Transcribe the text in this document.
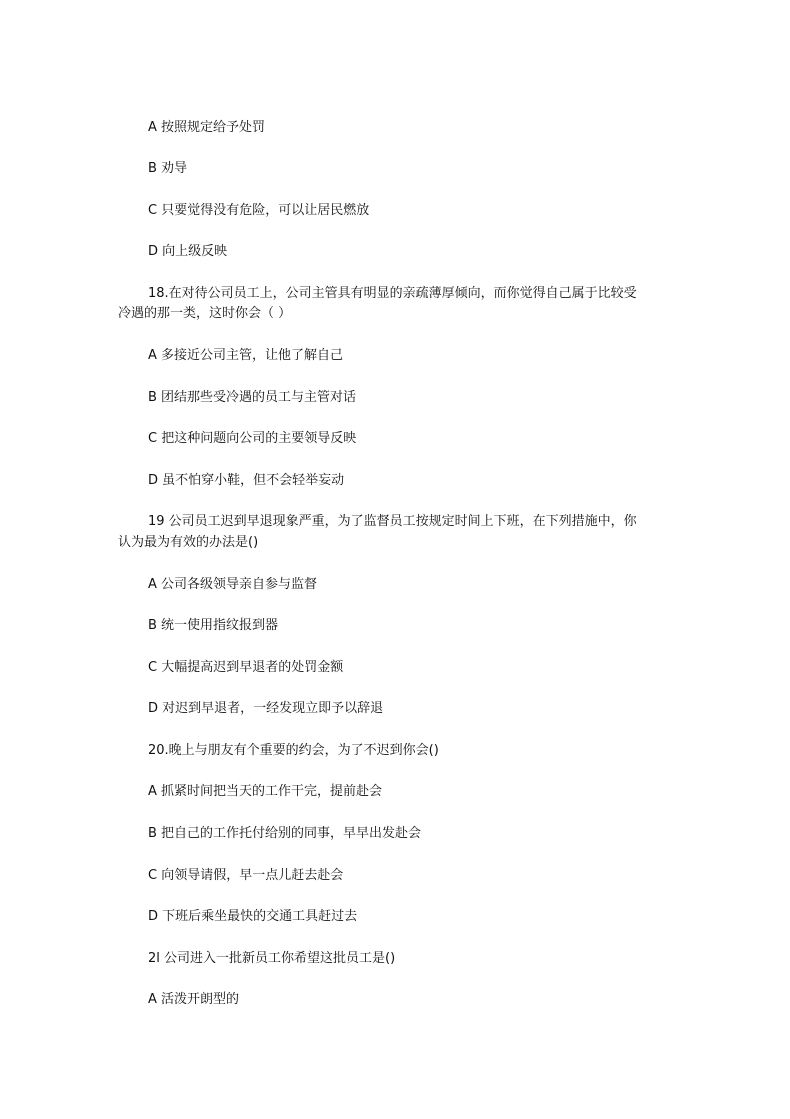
A 按照规定给予处罚
B 劝导
C 只要觉得没有危险，可以让居民燃放
D 向上级反映
18.在对待公司员工上，公司主管具有明显的亲疏薄厚倾向，而你觉得自己属于比较受
冷遇的那一类，这时你会（ ）
A 多接近公司主管，让他了解自己
B 团结那些受冷遇的员工与主管对话
C 把这种问题向公司的主要领导反映
D 虽不怕穿小鞋，但不会轻举妄动
19 公司员工迟到早退现象严重，为了监督员工按规定时间上下班，在下列措施中，你
认为最为有效的办法是()
A 公司各级领导亲自参与监督
B 统一使用指纹报到器
C 大幅提高迟到早退者的处罚金额
D 对迟到早退者，一经发现立即予以辞退
20.晚上与朋友有个重要的约会，为了不迟到你会()
A 抓紧时间把当天的工作干完，提前赴会
B 把自己的工作托付给别的同事，早早出发赴会
C 向领导请假，早一点儿赶去赴会
D 下班后乘坐最快的交通工具赶过去
2l 公司进入一批新员工你希望这批员工是()
A 活泼开朗型的
